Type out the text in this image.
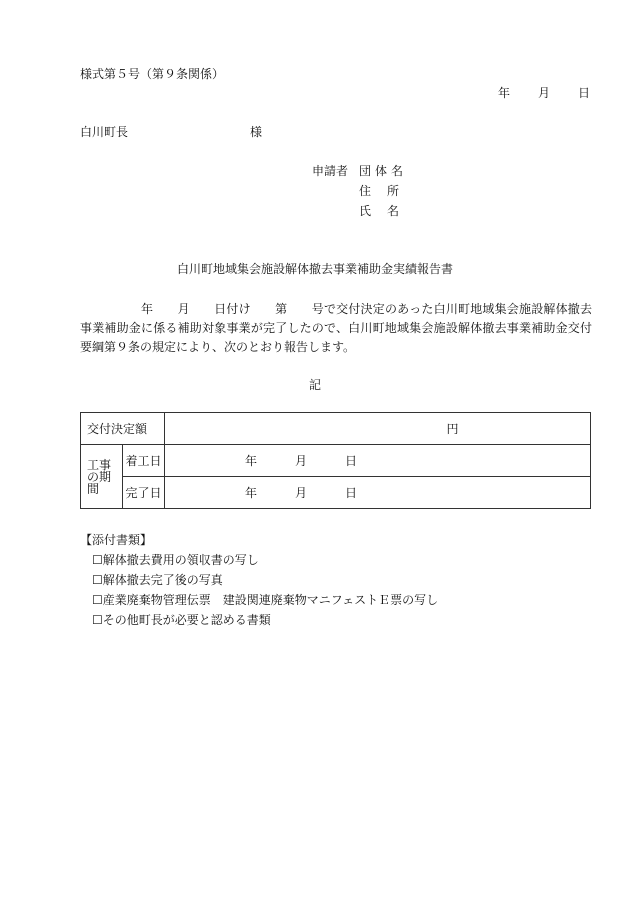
様式第５号（第９条関係）
年 月 日
白川町長	様
申請者 団体名
住所
氏名
白川町地域集会施設解体撤去事業補助金実績報告書
　　　　　年　　月　　日付け　　第　　号で交付決定のあった白川町地域集会施設解体撤去事業補助金に係る補助対象事業が完了したので、白川町地域集会施設解体撤去事業補助金交付要綱第９条の規定により、次のとおり報告します。
記
交付決定額		円
工事の期間	着工日	年 月 日
	完了日	年 月 日
【添付書類】
☐解体撤去費用の領収書の写し
☐解体撤去完了後の写真
☐産業廃棄物管理伝票　建設関連廃棄物マニフェストＥ票の写し
☐その他町長が必要と認める書類
